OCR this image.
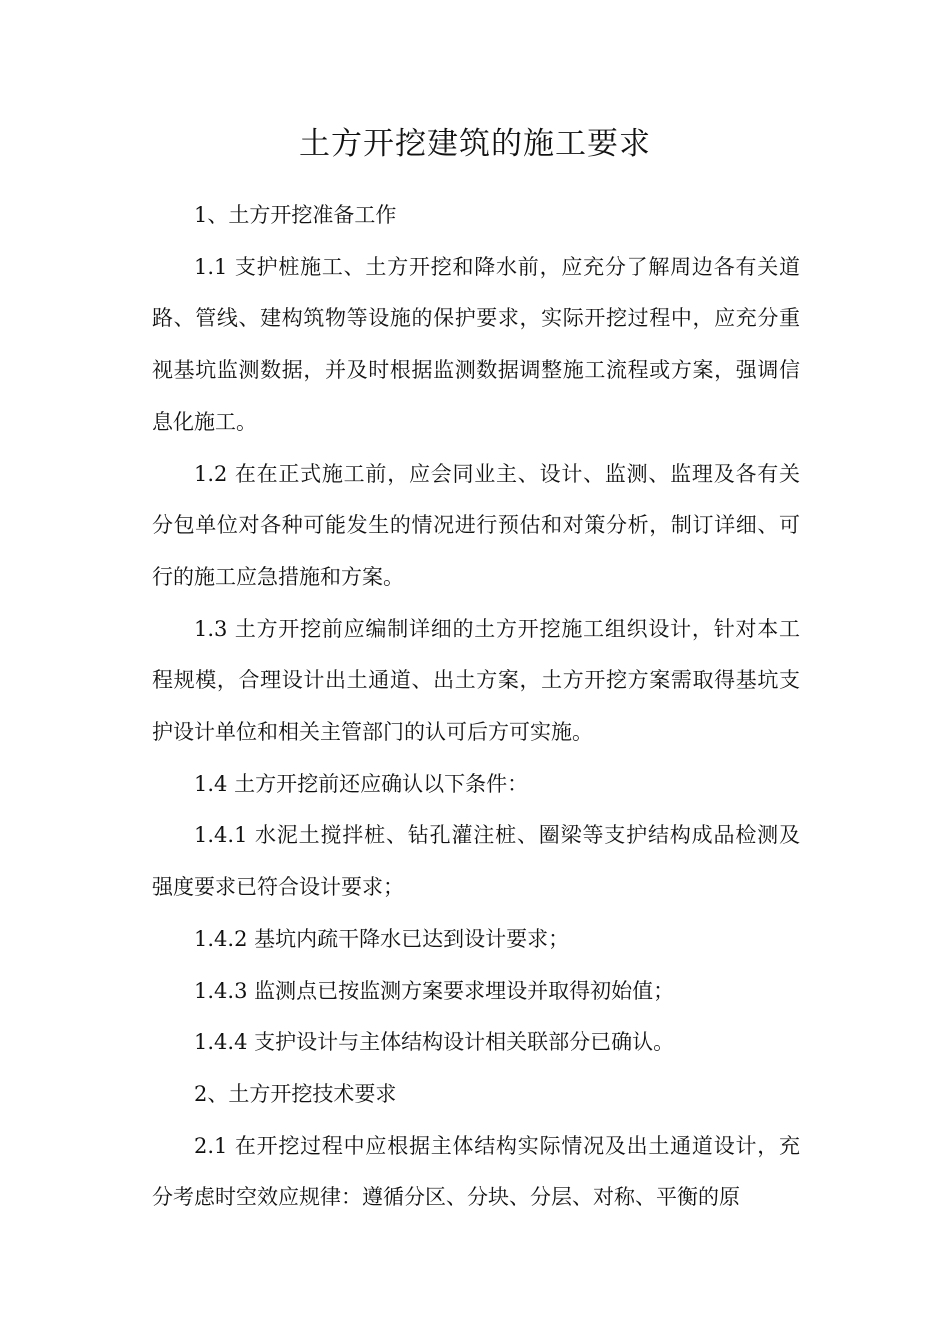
土方开挖建筑的施工要求

1、土方开挖准备工作

1.1 支护桩施工、土方开挖和降水前，应充分了解周边各有关道路、管线、建构筑物等设施的保护要求，实际开挖过程中，应充分重视基坑监测数据，并及时根据监测数据调整施工流程或方案，强调信息化施工。

1.2 在在正式施工前，应会同业主、设计、监测、监理及各有关分包单位对各种可能发生的情况进行预估和对策分析，制订详细、可行的施工应急措施和方案。

1.3 土方开挖前应编制详细的土方开挖施工组织设计，针对本工程规模，合理设计出土通道、出土方案，土方开挖方案需取得基坑支护设计单位和相关主管部门的认可后方可实施。

1.4 土方开挖前还应确认以下条件：

1.4.1 水泥土搅拌桩、钻孔灌注桩、圈梁等支护结构成品检测及强度要求已符合设计要求；

1.4.2 基坑内疏干降水已达到设计要求；

1.4.3 监测点已按监测方案要求埋设并取得初始值；

1.4.4 支护设计与主体结构设计相关联部分已确认。

2、土方开挖技术要求

2.1 在开挖过程中应根据主体结构实际情况及出土通道设计，充分考虑时空效应规律：遵循分区、分块、分层、对称、平衡的原
